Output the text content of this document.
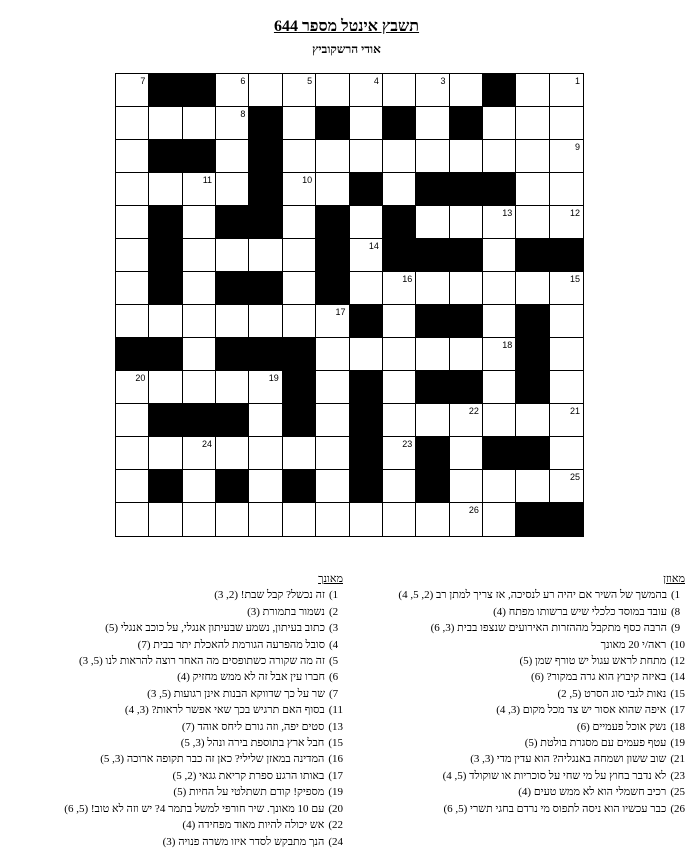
תשבץ אינטל מספר 644
אודי הרשקוביץ
7	6	5	4	3	2	1
8
9
11	10
13	12
14
16	15
17
18
20	19
22	21
24	23
25
26
מאוזן
1)
בהמשך של השיר אם יהיה רע לנסיכה, אז צריך למתן רב (2, 5, 4)
8)
עובד במוסד כלכלי שיש ברשותו מפתח (4)
9)
הרבה כסף מתקבל מההזרות האירועים שנצפו בבית (3, 6)
10)
ראה/י 20 מאונך
12)
מתחת לראש עגול יש טורף שמן (5)
14)
באיזה קיבוץ הוא גרה במקור? (6)
15)
נאות לגבי סוג הסרט (5, 2)
17)
איפה שהוא אסור יש צד מכל מקום (3, 4)
18)
נשק אוכל פעמיים (6)
19)
עטף פעמים עם מסגרת בולטת (5)
21)
שוב ששון ושמחה באנגליה? הוא עדין מדי (3, 3)
23)
לא נדבר בחוץ על מי שחי על סוכריות או שוקולד (5, 4)
25)
רכיב חשמלי הוא לא ממש טעים (4)
26)
כבר עכשיו הוא ניסה לתפוס מי נרדם בחגי תשרי (5, 6)
מאונך
1)
זה נכשל? קבל שבת! (2, 3)
2)
נשמור בתמורת (3)
3)
כתוב בעיתון, נשמע שבעיתון אנגלי, על כוכב אנגלי (5)
4)
סובל מהפרעה הגורמת להאכלת יתר בבית (7)
5)
זה מה שקורה כשתופסים מה האחר רוצה להראות לנו (5, 3)
6)
חברו עין אבל זה לא ממש מחזיק (4)
7)
שר על כך שדווקא הבנות אינן רגועות (5, 3)
11)
בסוף האם תרגיש בכך שאי אפשר לראות? (3, 4)
13)
סטים יפה, וזה גורם ליחס אוהד (7)
15)
חבל ארץ בתוספת בירה ונהל (3, 5)
16)
המדינה במאזן שלילי? כאן זה כבר תקופה ארוכה (3, 5)
17)
באותו הרגע ספרת קריאת גגאי (2, 5)
19)
מספיק! קודם תשתלטי על החיות (5)
20)
עם 10 מאונך. שיר חורפי למשל בתמר 4? יש וזה לא טוב! (5, 6)
22)
אש יכולה להיות מאוד מפחידה (4)
24)
הנך מתבקש לסדר איזו משרה פנויה (3)
